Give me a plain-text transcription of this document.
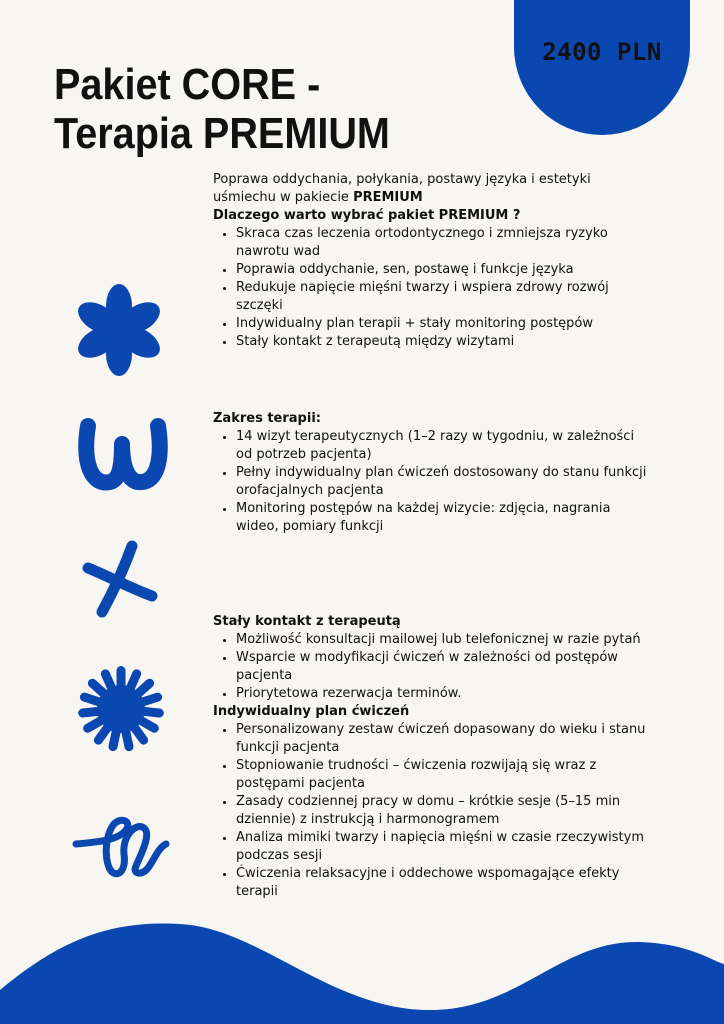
2400 PLN
Pakiet CORE -
Terapia PREMIUM

Poprawa oddychania, połykania, postawy języka i estetyki uśmiechu w pakiecie PREMIUM

Dlaczego warto wybrać pakiet PREMIUM ?

• Skraca czas leczenia ortodontycznego i zmniejsza ryzyko nawrotu wad
• Poprawia oddychanie, sen, postawę i funkcje języka
• Redukuje napięcie mięśni twarzy i wspiera zdrowy rozwój szczęki
• Indywidualny plan terapii + stały monitoring postępów
• Stały kontakt z terapeutą między wizytami

Zakres terapii:

• 14 wizyt terapeutycznych (1–2 razy w tygodniu, w zależności od potrzeb pacjenta)
• Pełny indywidualny plan ćwiczeń dostosowany do stanu funkcji orofacjalnych pacjenta
• Monitoring postępów na każdej wizycie: zdjęcia, nagrania wideo, pomiary funkcji

Stały kontakt z terapeutą

• Możliwość konsultacji mailowej lub telefonicznej w razie pytań
• Wsparcie w modyfikacji ćwiczeń w zależności od postępów pacjenta
• Priorytetowa rezerwacja terminów.

Indywidualny plan ćwiczeń

• Personalizowany zestaw ćwiczeń dopasowany do wieku i stanu funkcji pacjenta
• Stopniowanie trudności – ćwiczenia rozwijają się wraz z postępami pacjenta
• Zasady codziennej pracy w domu – krótkie sesje (5–15 min dziennie) z instrukcją i harmonogramem
• Analiza mimiki twarzy i napięcia mięśni w czasie rzeczywistym podczas sesji
• Ćwiczenia relaksacyjne i oddechowe wspomagające efekty terapii
